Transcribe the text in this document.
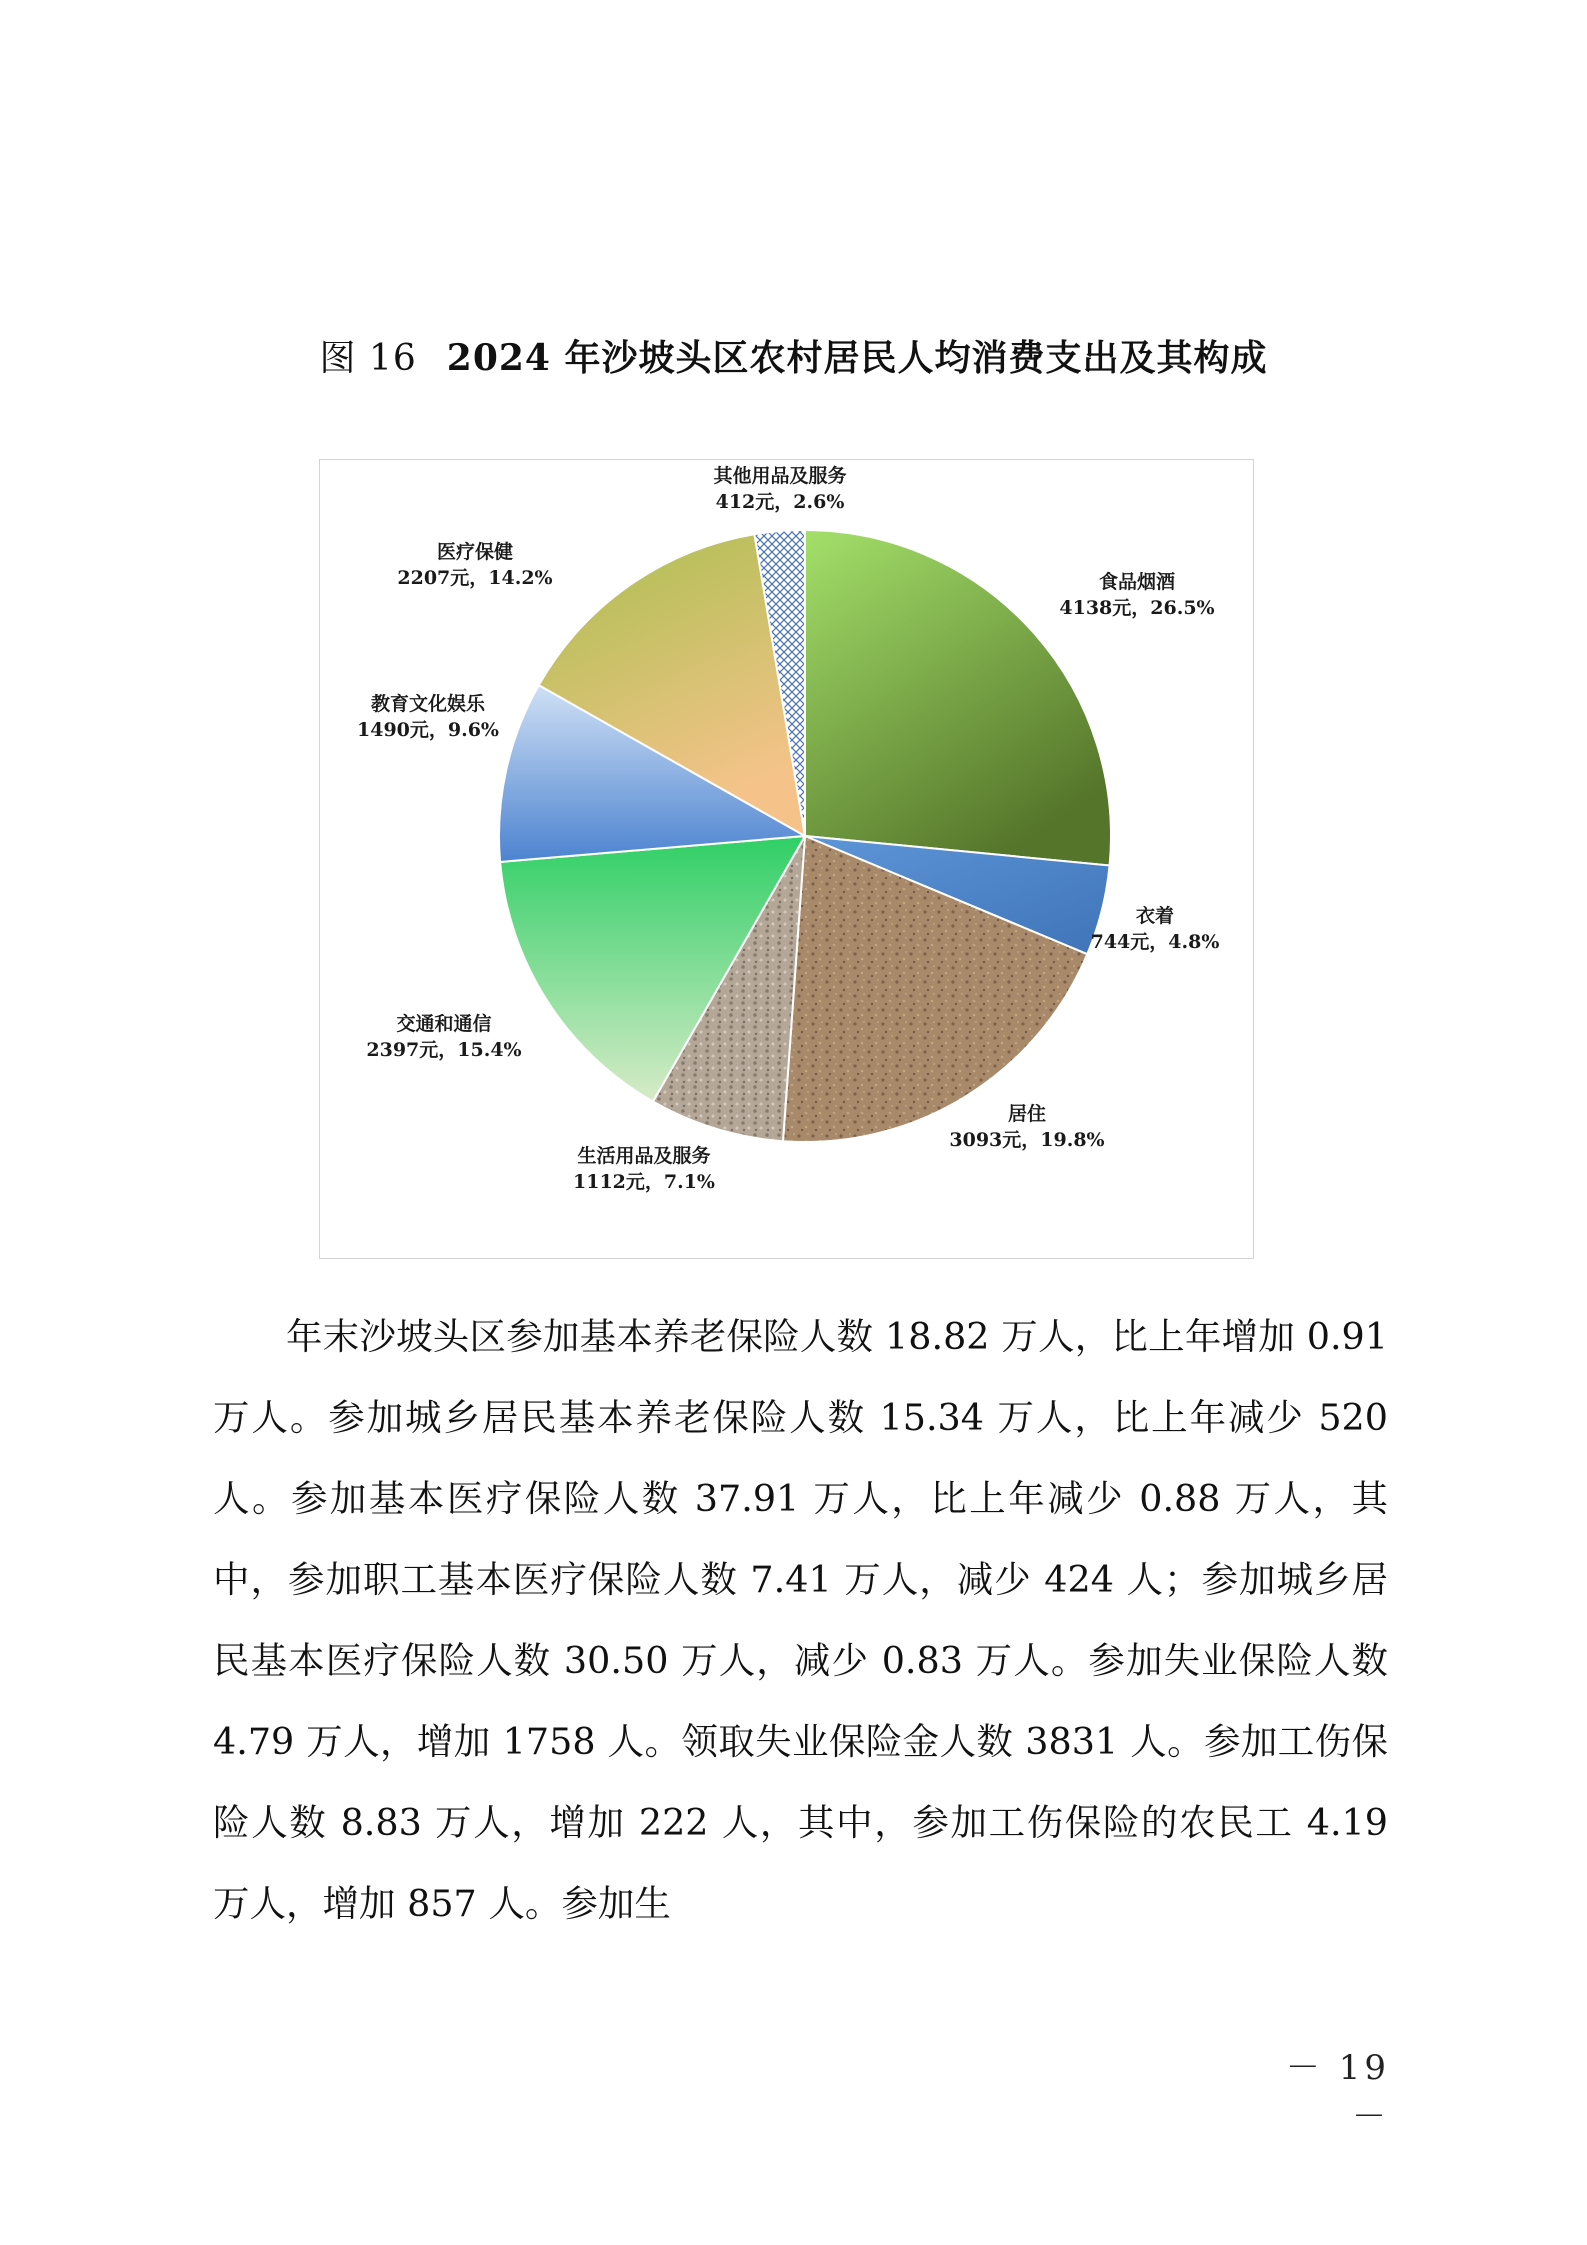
图 16 2024 年沙坡头区农村居民人均消费支出及其构成
食品烟酒
4138元，26.5%
衣着
744元，4.8%
居住
3093元，19.8%
生活用品及服务
1112元，7.1%
交通和通信
2397元，15.4%
教育文化娱乐
1490元，9.6%
医疗保健
2207元，14.2%
其他用品及服务
412元，2.6%

年末沙坡头区参加基本养老保险人数 18.82 万人，比上年增加 0.91 万人。参加城乡居民基本养老保险人数 15.34 万人，比上年减少 520 人。参加基本医疗保险人数 37.91 万人，比上年减少 0.88 万人，其中，参加职工基本医疗保险人数 7.41 万人，减少 424 人；参加城乡居民基本医疗保险人数 30.50 万人，减少 0.83 万人。参加失业保险人数 4.79 万人，增加 1758 人。领取失业保险金人数 3831 人。参加工伤保险人数 8.83 万人，增加 222 人，其中，参加工伤保险的农民工 4.19 万人，增加 857 人。参加生

－ 19 －
